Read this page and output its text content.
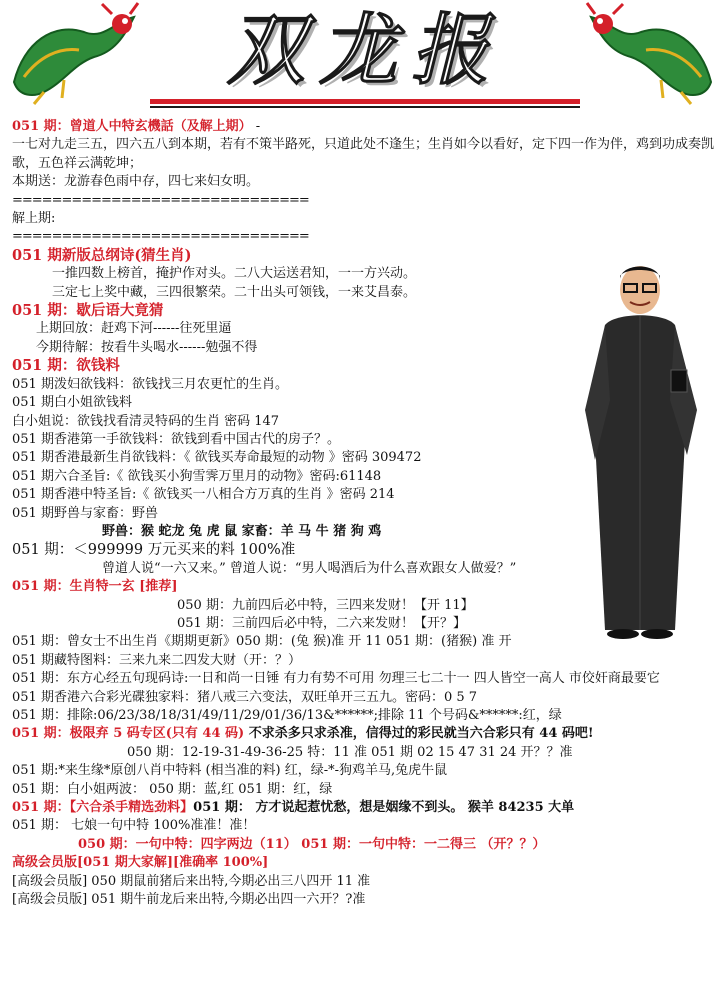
双龙报
051 期：曾道人中特玄機話（及解上期） -
一七对九走三五，四六五八到本期，若有不策半路死，只道此处不逢生；生肖如今以看好，定下四一作为伴，鸡到功成奏凯歌，五色祥云满乾坤；
本期送：龙游春色雨中存，四七来妇女明。
==============================
解上期:
==============================
051 期新版总纲诗(猜生肖)
一推四数上榜首，掩护作对头。二八大运送君知，一一方兴动。
三定七上奖中藏，三四很繁荣。二十出头可领钱，一来艾昌泰。
051 期：歇后语大竟猜
上期回放：赶鸡下河------往死里逼
今期待解：按看牛头喝水------勉强不得
051 期：欲钱料
051 期泼妇欲钱料：欲钱找三月农更忙的生肖。
051 期白小姐欲钱料
白小姐说：欲钱找看清灵特码的生肖 密码 147
051 期香港第一手欲钱料：欲钱到看中国古代的房子？。
051 期香港最新生肖欲钱料：《 欲钱买寿命最短的动物 》密码 309472
051 期六合圣旨:《 欲钱买小狗雪霁万里月的动物》密码:61148
051 期香港中特圣旨:《 欲钱买一八相合方万真的生肖 》密码 214
051 期野兽与家畜：野兽
野兽：猴 蛇龙 兔 虎 鼠 家畜：羊 马 牛 猪 狗 鸡
051 期：＜999999 万元买来的料 100%准
曾道人说“一六又来。” 曾道人说：“男人喝酒后为什么喜欢跟女人做爱？”
051 期：生肖特一玄 [推荐]
050 期：九前四后必中特，三四来发财！【开 11】
051 期：三前四后必中特，二六来发财！【开？】
051 期：曾女士不出生肖《期期更新》050 期：(兔 猴)准 开 11 051 期：(猪猴) 准 开
051 期藏特图料：三来九来二四发大财（开：？）
051 期：东方心经五句现码诗:一日和尚一日锤 有力有势不可用 勿理三七二十一 四人皆空一高人 市佼奸商最要它
051 期香港六合彩光碟独家料：猪八戒三六变法，双旺单开三五九。密码：0 5 7
051 期：排除:06/23/38/18/31/49/11/29/01/36/13&******;排除 11 个号码&******:红，绿
051 期：极限弃 5 码专区(只有 44 码) 不求杀多只求杀准，信得过的彩民就当六合彩只有 44 码吧!
050 期：12-19-31-49-36-25 特：11 准 051 期 02 15 47 31 24 开？？准
051 期:*来生缘*原创八肖中特料 (相当准的料) 红，绿-*-狗鸡羊马,兔虎牛鼠
051 期：白小姐两波： 050 期：蓝,红 051 期：红，绿
051 期：【六合杀手精选劲料】051 期： 方才说起惹忧愁，想是姻缘不到头。 猴羊 84235 大单
051 期： 七娘一句中特 100%准准！准！
050 期：一句中特：四字两边（11） 051 期：一句中特：一二得三 （开？？）
高级会员版[051 期大家解][准确率 100%]
[高级会员版] 050 期鼠前猪后来出特,今期必出三八四开 11 准
[高级会员版] 051 期牛前龙后来出特,今期必出四一六开？?准
